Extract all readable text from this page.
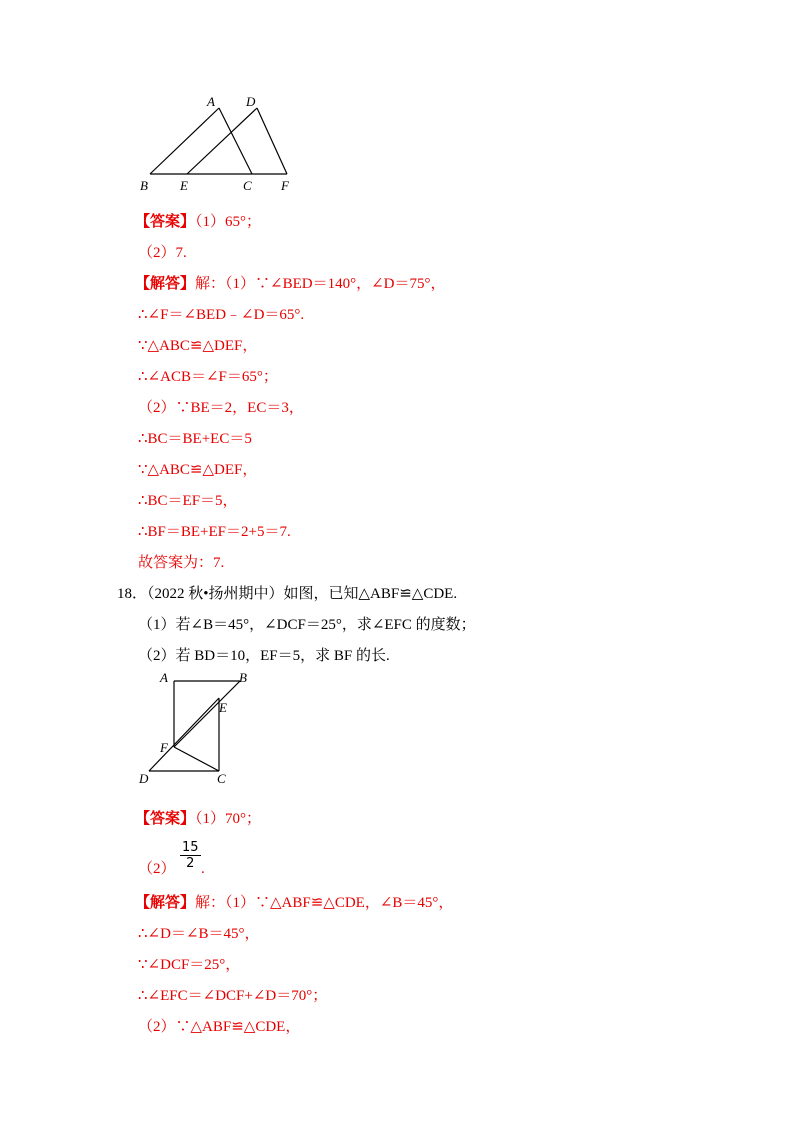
A D
B E	C F
【答案】（1）65°；
（2）7.
【解答】解：（1）∵∠BED＝140°，∠D＝75°，
∴∠F＝∠BED﹣∠D＝65°.
∵△ABC≌△DEF，
∴∠ACB＝∠F＝65°；
（2）∵BE＝2，EC＝3，
∴BC＝BE+EC＝5
∵△ABC≌△DEF，
∴BC＝EF＝5，
∴BF＝BE+EF＝2+5＝7.
故答案为：7.
18．（2022 秋•扬州期中）如图，已知△ABF≌△CDE.
（1）若∠B＝45°，∠DCF＝25°，求∠EFC 的度数；
（2）若 BD＝10，EF＝5，求 BF 的长.
A	B
E
F
D	C
【答案】（1）70°；
$(2) \frac{15}{2}$ .
【解答】解：（1）∵△ABF≌△CDE，∠B＝45°，
∴∠D＝∠B＝45°，
∵∠DCF＝25°，
∴∠EFC＝∠DCF+∠D＝70°；
（2）∵△ABF≌△CDE，
